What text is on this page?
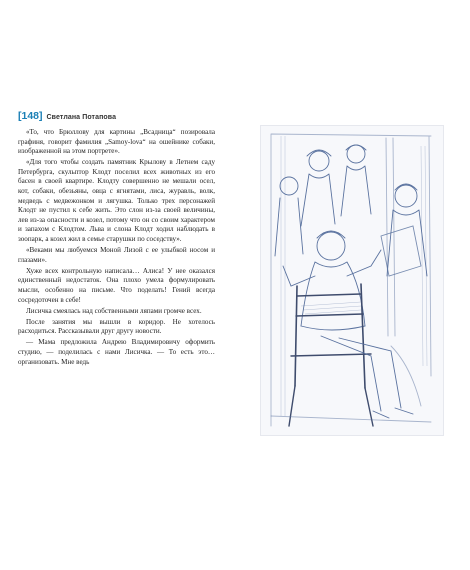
[148] Светлана Потапова

«То, что Брюллову для картины „Всадница“ позировала графиня, говорит фамилия „Samoy-lova“ на ошейнике собаки, изображенной на этом портрете».

«Для того чтобы создать памятник Крылову в Летнем саду Петербурга, скульптор Клодт поселил всех животных из его басен в своей квартире. Клодту совершенно не мешали осел, кот, собаки, обезьяны, овца с ягнятами, лиса, журавль, волк, медведь с медвежонком и лягушка. Только трех персонажей Клодт не пустил к себе жить. Это слон из-за своей величины, лев из-за опасности и козел, потому что он со своим характером и запахом с Клодтом. Льва и слона Клодт ходил наблюдать в зоопарк, а козел жил в семье старушки по соседству».

«Веками мы любуемся Моной Лизой с ее улыбкой носом и глазами».

Хуже всех контрольную написала… Алиса! У нее оказался единственный недостаток. Она плохо умела формулировать мысли, особенно на письме. Что поделать! Гений всегда сосредоточен в себе!

Лисичка смеялась над собственными ляпами громче всех.

После занятия мы вышли в коридор. Не хотелось расходиться. Рассказывали друг другу новости.

— Мама предложила Андрею Владимировичу оформить студию, — поделилась с нами Лисичка. — То есть это… организовать. Мне ведь
